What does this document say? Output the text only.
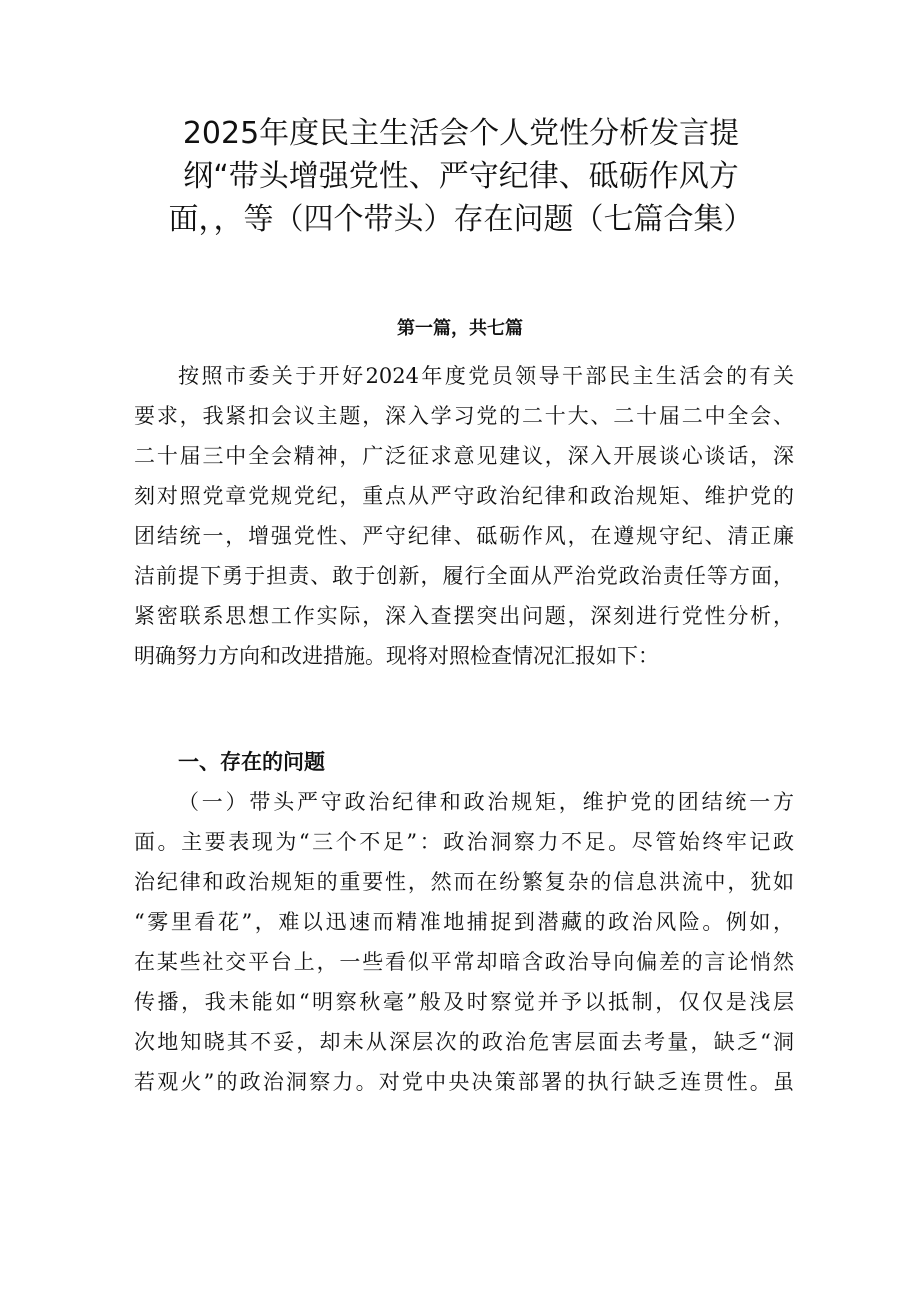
2025年度民主生活会个人党性分析发言提
纲“带头增强党性、严守纪律、砥砺作风方
面，，等（四个带头）存在问题（七篇合集）

第一篇，共七篇

按照市委关于开好2024年度党员领导干部民主生活会的有关
要求，我紧扣会议主题，深入学习党的二十大、二十届二中全会、
二十届三中全会精神，广泛征求意见建议，深入开展谈心谈话，深
刻对照党章党规党纪，重点从严守政治纪律和政治规矩、维护党的
团结统一，增强党性、严守纪律、砥砺作风，在遵规守纪、清正廉
洁前提下勇于担责、敢于创新，履行全面从严治党政治责任等方面，
紧密联系思想工作实际，深入查摆突出问题，深刻进行党性分析，
明确努力方向和改进措施。现将对照检查情况汇报如下：
一、存在的问题
（一）带头严守政治纪律和政治规矩，维护党的团结统一方
面。主要表现为“三个不足”：政治洞察力不足。尽管始终牢记政
治纪律和政治规矩的重要性，然而在纷繁复杂的信息洪流中，犹如
“雾里看花”，难以迅速而精准地捕捉到潜藏的政治风险。例如，
在某些社交平台上，一些看似平常却暗含政治导向偏差的言论悄然
传播，我未能如“明察秋毫”般及时察觉并予以抵制，仅仅是浅层
次地知晓其不妥，却未从深层次的政治危害层面去考量，缺乏“洞
若观火”的政治洞察力。对党中央决策部署的执行缺乏连贯性。虽
